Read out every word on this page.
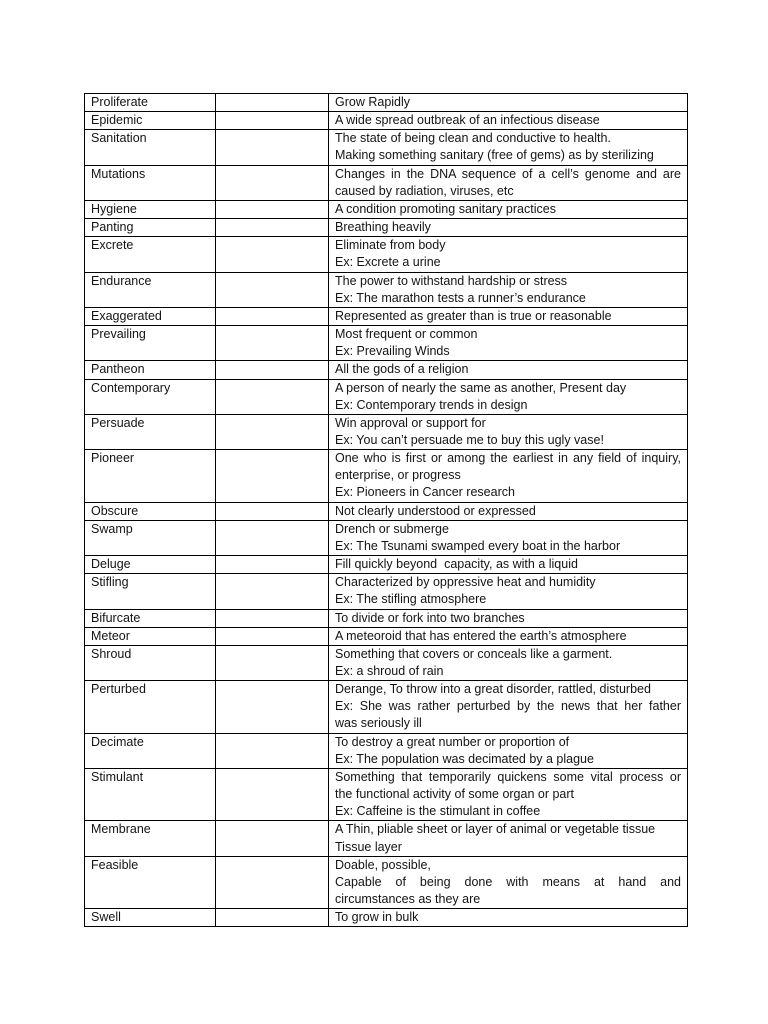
Proliferate		Grow Rapidly

Epidemic		A wide spread outbreak of an infectious disease

Sanitation		The state of being clean and conductive to health.
Making something sanitary (free of gems) as by sterilizing

Mutations		Changes in the DNA sequence of a cell’s genome and are
caused by radiation, viruses, etc

Hygiene		A condition promoting sanitary practices

Panting		Breathing heavily

Excrete		Eliminate from body
Ex: Excrete a urine

Endurance		The power to withstand hardship or stress
Ex: The marathon tests a runner’s endurance

Exaggerated		Represented as greater than is true or reasonable

Prevailing		Most frequent or common
Ex: Prevailing Winds

Pantheon		All the gods of a religion

Contemporary		A person of nearly the same as another, Present day
Ex: Contemporary trends in design

Persuade		Win approval or support for
Ex: You can’t persuade me to buy this ugly vase!

Pioneer		One who is first or among the earliest in any field of inquiry,
enterprise, or progress
Ex: Pioneers in Cancer research

Obscure		Not clearly understood or expressed

Swamp		Drench or submerge
Ex: The Tsunami swamped every boat in the harbor

Deluge		Fill quickly beyond  capacity, as with a liquid

Stifling		Characterized by oppressive heat and humidity
Ex: The stifling atmosphere

Bifurcate		To divide or fork into two branches

Meteor		A meteoroid that has entered the earth’s atmosphere

Shroud		Something that covers or conceals like a garment.
Ex: a shroud of rain

Perturbed		Derange, To throw into a great disorder, rattled, disturbed
Ex: She was rather perturbed by the news that her father
was seriously ill

Decimate		To destroy a great number or proportion of
Ex: The population was decimated by a plague

Stimulant		Something that temporarily quickens some vital process or
the functional activity of some organ or part
Ex: Caffeine is the stimulant in coffee

Membrane		A Thin, pliable sheet or layer of animal or vegetable tissue
Tissue layer

Feasible		Doable, possible,
Capable of being done with means at hand and
circumstances as they are

Swell		To grow in bulk
